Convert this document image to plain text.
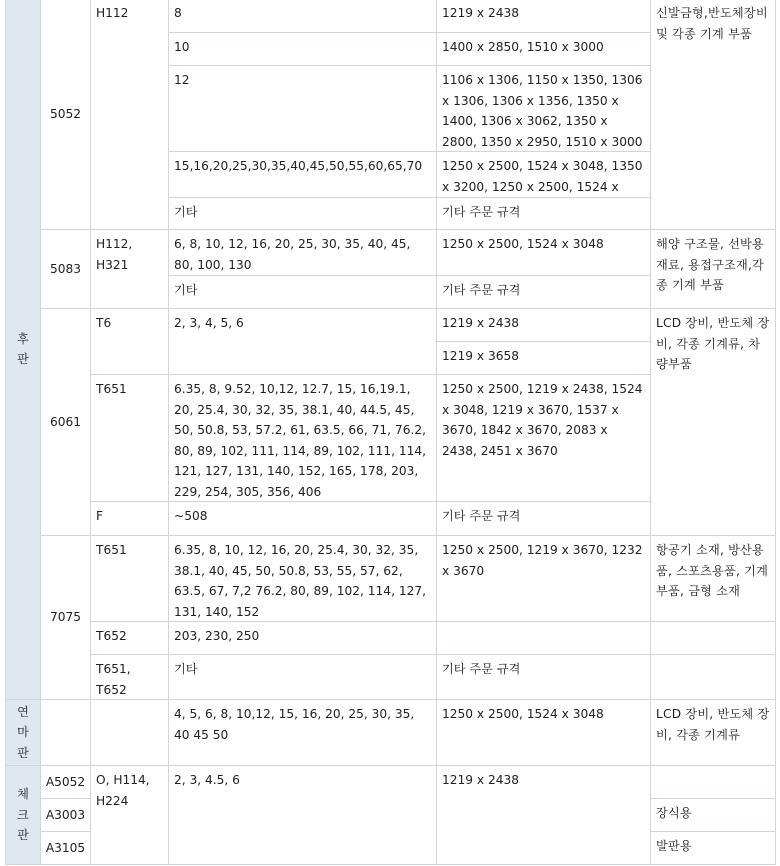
후
판
연
마
판
체
크
판
5052
5083
6061
7075
A5052
A3003
A3105
H112
H112,
H321
T6
T651
F
T651
T652
T651,
T652
O, H114,
H224
8
10
12
15,16,20,25,30,35,40,45,50,55,60,65,70
기타
6, 8, 10, 12, 16, 20, 25, 30, 35, 40, 45, 80, 100, 130
기타
2, 3, 4, 5, 6
6.35, 8, 9.52, 10,12, 12.7, 15, 16,19.1, 20, 25.4, 30, 32, 35, 38.1, 40, 44.5, 45, 50, 50.8, 53, 57.2, 61, 63.5, 66, 71, 76.2, 80, 89, 102, 111, 114, 89, 102, 111, 114, 121, 127, 131, 140, 152, 165, 178, 203, 229, 254, 305, 356, 406
~508
6.35, 8, 10, 12, 16, 20, 25.4, 30, 32, 35, 38.1, 40, 45, 50, 50.8, 53, 55, 57, 62, 63.5, 67, 7,2 76.2, 80, 89, 102, 114, 127, 131, 140, 152
203, 230, 250
기타
4, 5, 6, 8, 10,12, 15, 16, 20, 25, 30, 35, 40 45 50
2, 3, 4.5, 6
1219 x 2438
1400 x 2850, 1510 x 3000
1106 x 1306, 1150 x 1350, 1306 x 1306, 1306 x 1356, 1350 x 1400, 1306 x 3062, 1350 x 2800, 1350 x 2950, 1510 x 3000
1250 x 2500, 1524 x 3048, 1350 x 3200, 1250 x 2500, 1524 x
기타 주문 규격
1250 x 2500, 1524 x 3048
기타 주문 규격
1219 x 2438
1219 x 3658
1250 x 2500, 1219 x 2438, 1524 x 3048, 1219 x 3670, 1537 x 3670, 1842 x 3670, 2083 x 2438, 2451 x 3670
기타 주문 규격
1250 x 2500, 1219 x 3670, 1232 x 3670
기타 주문 규격
1250 x 2500, 1524 x 3048
1219 x 2438
신발금형,반도체장비 및 각종 기계 부품
해양 구조물, 선박용재료, 용접구조재,각종 기계 부품
LCD 장비, 반도체 장비, 각종 기계류, 차량부품
항공기 소재, 방산용품, 스포츠용품, 기계 부품, 금형 소재
LCD 장비, 반도체 장비, 각종 기계류
장식용
발판용
